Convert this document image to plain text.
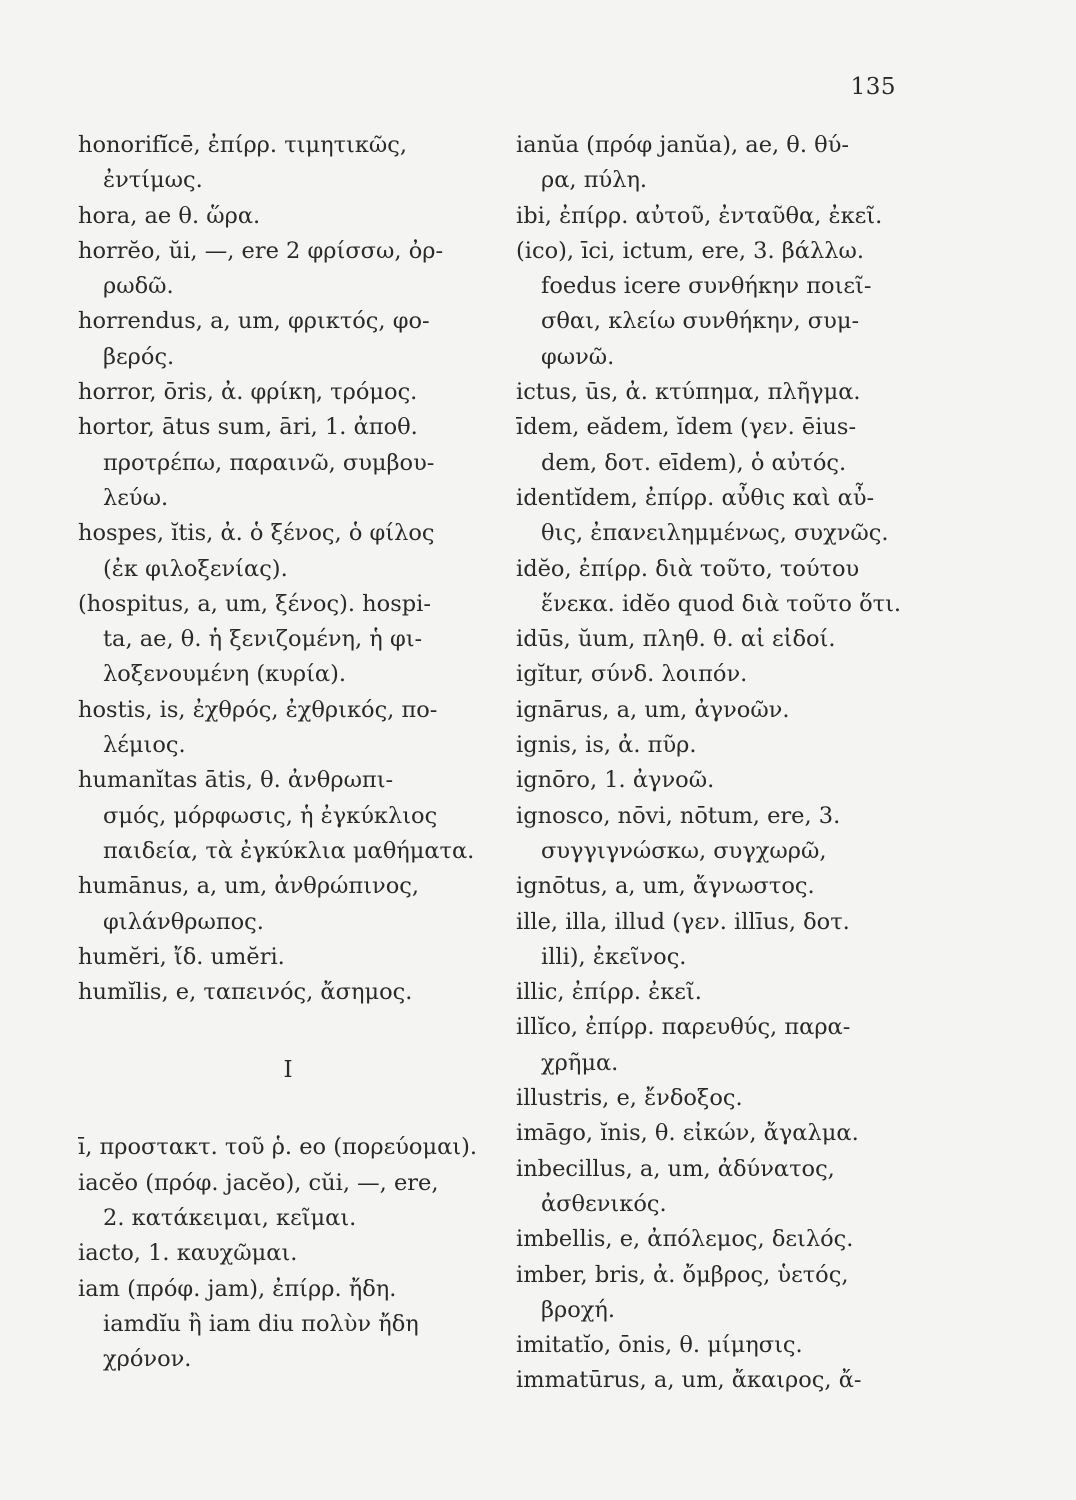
135
honorifĭcē, ἐπίρρ. τιμητικῶς,
ἐντίμως.
hora, ae θ. ὥρα.
horrĕo, ŭi, —, ere 2 φρίσσω, ὀρ-
ρωδῶ.
horrendus, a, um, φρικτός, φο-
βερός.
horror, ōris, ἀ. φρίκη, τρόμος.
hortor, ātus sum, āri, 1. ἀποθ.
προτρέπω, παραινῶ, συμβου-
λεύω.
hospes, ĭtis, ἀ. ὁ ξένος, ὁ φίλος
(ἐκ φιλοξενίας).
(hospitus, a, um, ξένος). hospi-
ta, ae, θ. ἡ ξενιζομένη, ἡ φι-
λοξενουμένη (κυρία).
hostis, is, ἐχθρός, ἐχθρικός, πο-
λέμιος.
humanĭtas ātis, θ. ἀνθρωπι-
σμός, μόρφωσις, ἡ ἐγκύκλιος
παιδεία, τὰ ἐγκύκλια μαθήματα.
humānus, a, um, ἀνθρώπινος,
φιλάνθρωπος.
humĕri, ἴδ. umĕri.
humĭlis, e, ταπεινός, ἄσημος.
I
ī, προστακτ. τοῦ ῥ. eo (πορεύομαι).
iacĕo (πρόφ. jacĕo), cŭi, —, ere,
2. κατάκειμαι, κεῖμαι.
iacto, 1. καυχῶμαι.
iam (πρόφ. jam), ἐπίρρ. ἤδη.
iamdĭu ἢ iam diu πολὺν ἤδη
χρόνον.
ianŭa (πρόφ janŭa), ae, θ. θύ-
ρα, πύλη.
ibi, ἐπίρρ. αὐτοῦ, ἐνταῦθα, ἐκεῖ.
(ico), īci, ictum, ere, 3. βάλλω.
foedus icere συνθήκην ποιεῖ-
σθαι, κλείω συνθήκην, συμ-
φωνῶ.
ictus, ūs, ἀ. κτύπημα, πλῆγμα.
īdem, eădem, ĭdem (γεν. ēius-
dem, δοτ. eīdem), ὁ αὐτός.
identĭdem, ἐπίρρ. αὖθις καὶ αὖ-
θις, ἐπανειλημμένως, συχνῶς.
idĕo, ἐπίρρ. διὰ τοῦτο, τούτου
ἕνεκα. idĕo quod διὰ τοῦτο ὅτι.
idūs, ŭum, πληθ. θ. αἱ εἰδοί.
igĭtur, σύνδ. λοιπόν.
ignārus, a, um, ἀγνοῶν.
ignis, is, ἀ. πῦρ.
ignōro, 1. ἀγνοῶ.
ignosco, nōvi, nōtum, ere, 3.
συγγιγνώσκω, συγχωρῶ,
ignōtus, a, um, ἄγνωστος.
ille, illa, illud (γεν. illīus, δοτ.
illi), ἐκεῖνος.
illic, ἐπίρρ. ἐκεῖ.
illĭco, ἐπίρρ. παρευθύς, παρα-
χρῆμα.
illustris, e, ἔνδοξος.
imāgo, ĭnis, θ. εἰκών, ἄγαλμα.
inbecillus, a, um, ἀδύνατος,
ἀσθενικός.
imbellis, e, ἀπόλεμος, δειλός.
imber, bris, ἀ. ὄμβρος, ὑετός,
βροχή.
imitatĭo, ōnis, θ. μίμησις.
immatūrus, a, um, ἄκαιρος, ἄ-
